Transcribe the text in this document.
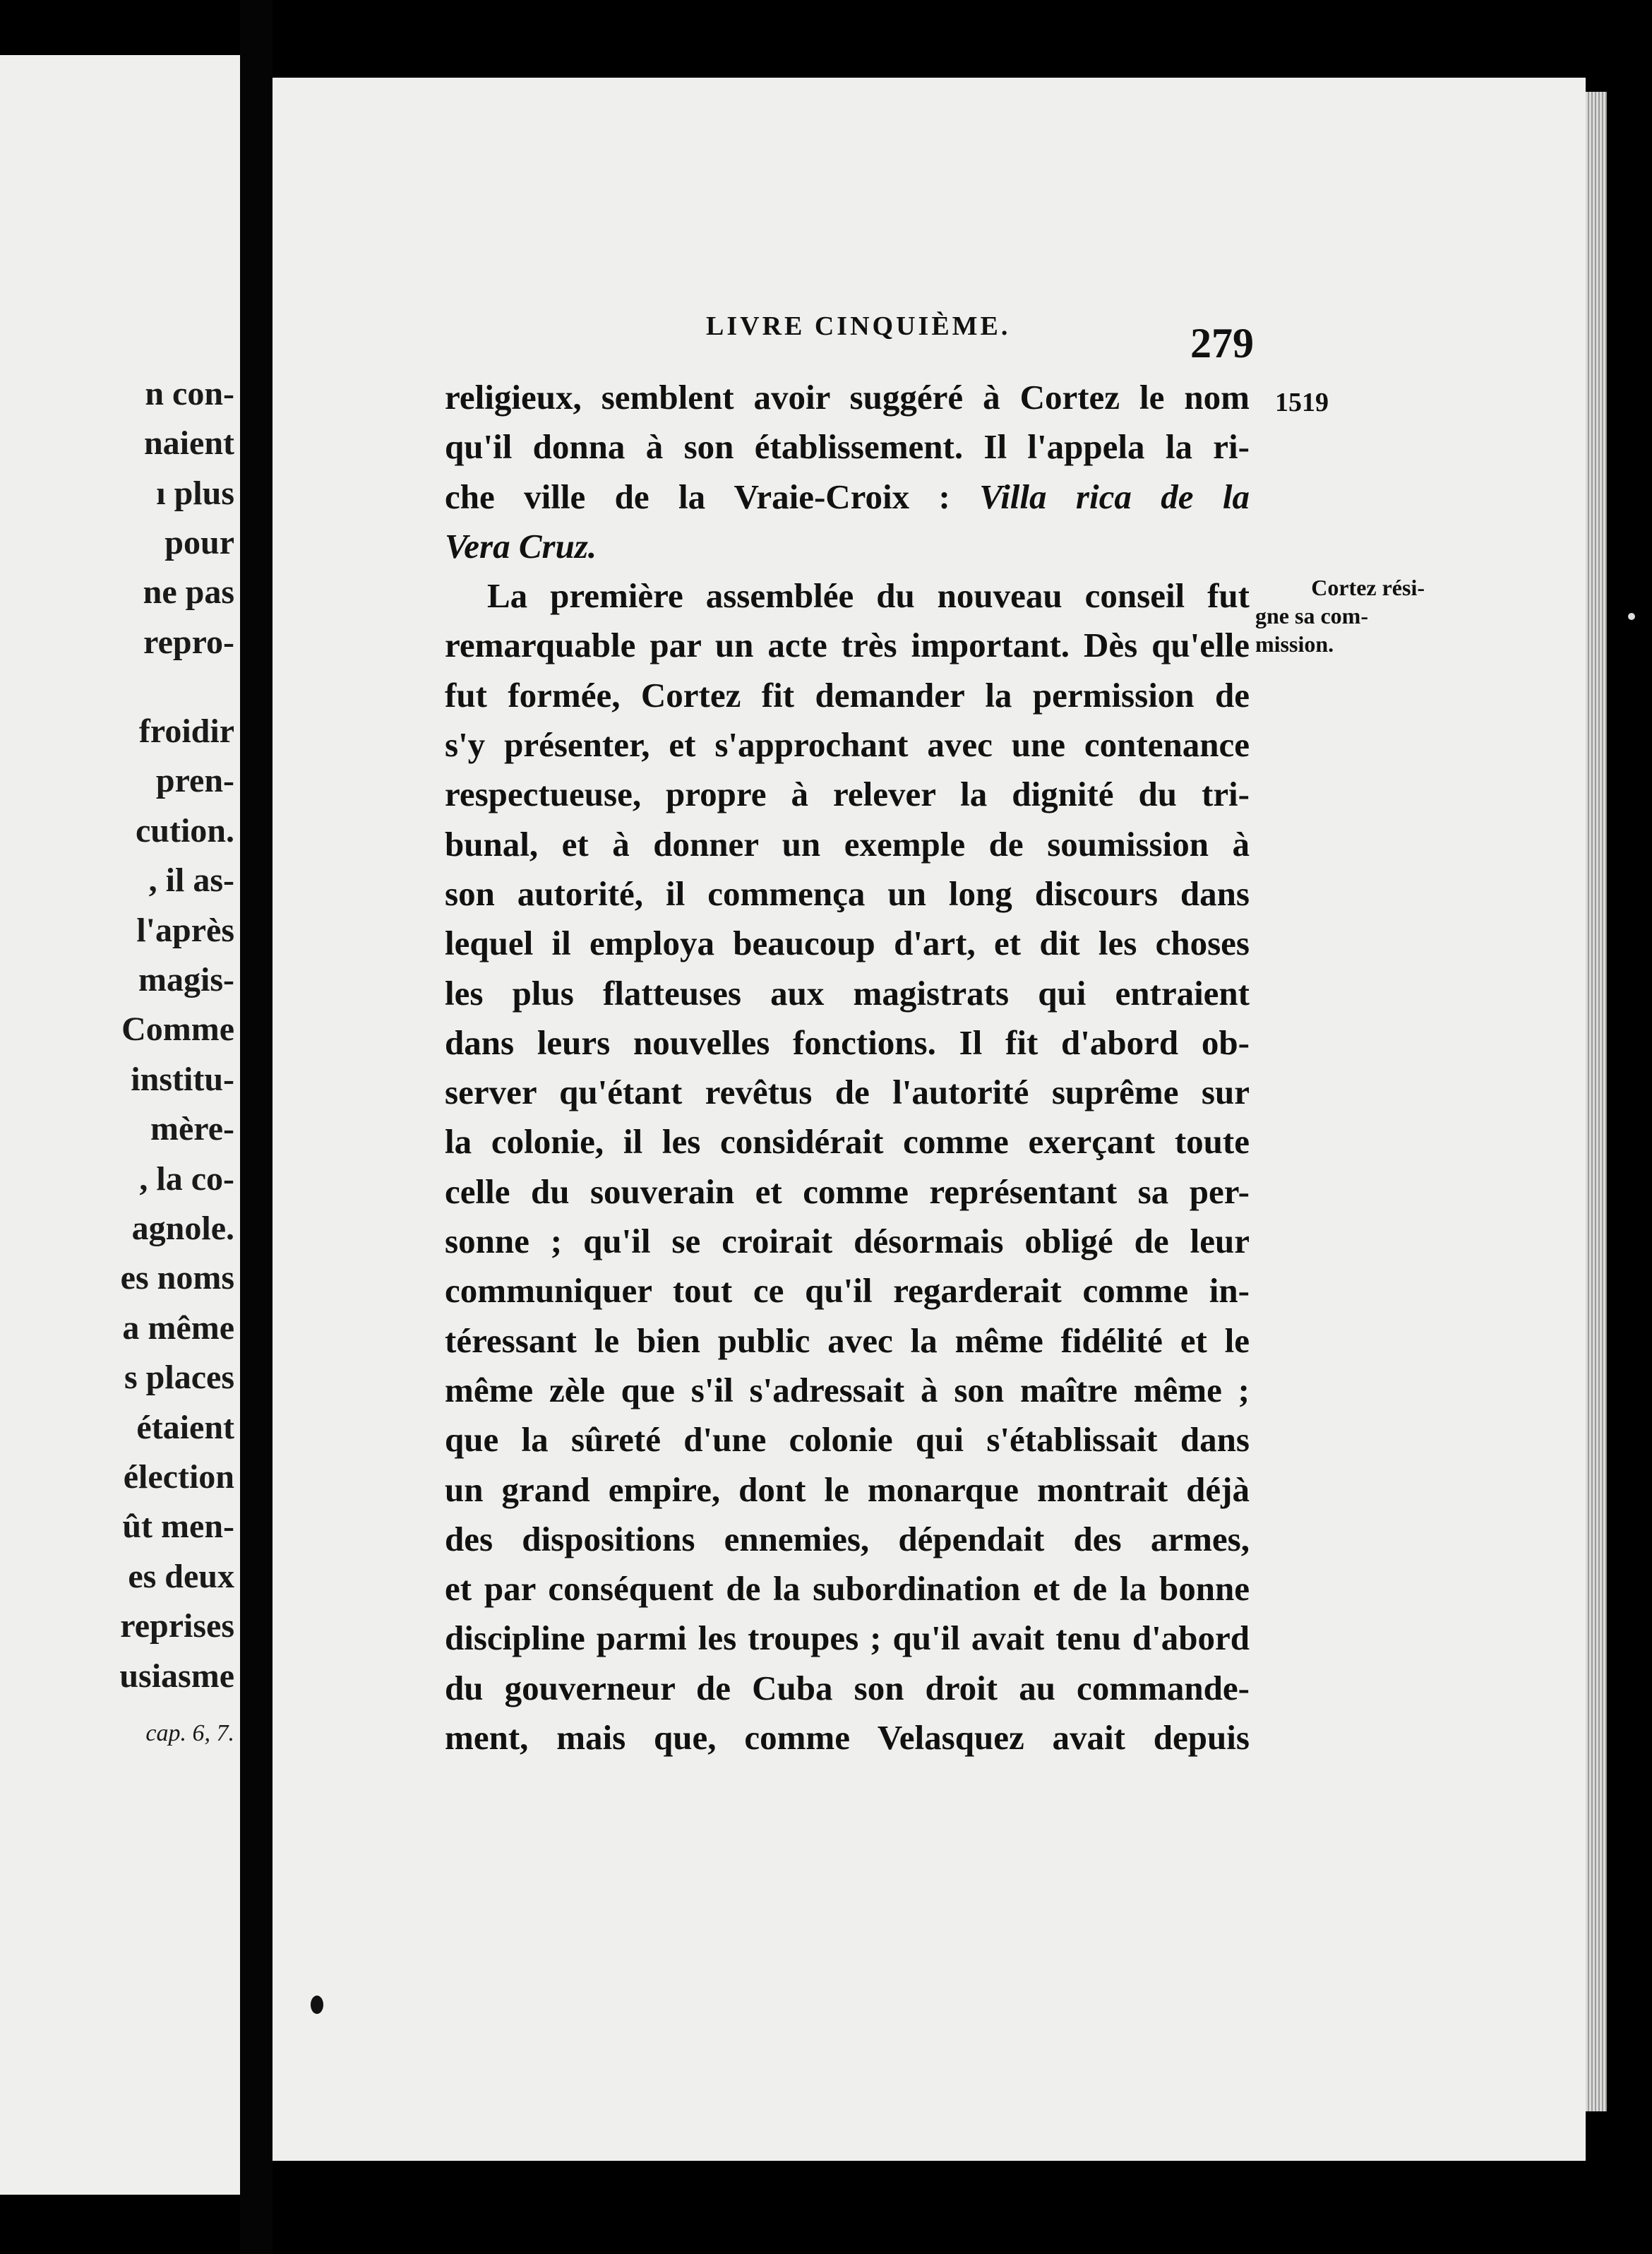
n con-
naient
ı plus
pour
ne pas
repro-
froidir
pren-
cution.
, il as-
l'après
magis-
Comme
institu-
mère-
, la co-
agnole.
es noms
a même
s places
étaient
élection
ût men-
es deux
reprises
usiasme
cap. 6, 7.
LIVRE CINQUIÈME.	279
1519
Cortez rési-
gne sa com-
mission.
religieux, semblent avoir suggéré à Cortez le nom
qu'il donna à son établissement. Il l'appela la ri-
che ville de la Vraie-Croix : Villa rica de la
Vera Cruz.
La première assemblée du nouveau conseil fut
remarquable par un acte très important. Dès qu'elle
fut formée, Cortez fit demander la permission de
s'y présenter, et s'approchant avec une contenance
respectueuse, propre à relever la dignité du tri-
bunal, et à donner un exemple de soumission à
son autorité, il commença un long discours dans
lequel il employa beaucoup d'art, et dit les choses
les plus flatteuses aux magistrats qui entraient
dans leurs nouvelles fonctions. Il fit d'abord ob-
server qu'étant revêtus de l'autorité suprême sur
la colonie, il les considérait comme exerçant toute
celle du souverain et comme représentant sa per-
sonne ; qu'il se croirait désormais obligé de leur
communiquer tout ce qu'il regarderait comme in-
téressant le bien public avec la même fidélité et le
même zèle que s'il s'adressait à son maître même ;
que la sûreté d'une colonie qui s'établissait dans
un grand empire, dont le monarque montrait déjà
des dispositions ennemies, dépendait des armes,
et par conséquent de la subordination et de la bonne
discipline parmi les troupes ; qu'il avait tenu d'abord
du gouverneur de Cuba son droit au commande-
ment, mais que, comme Velasquez avait depuis
